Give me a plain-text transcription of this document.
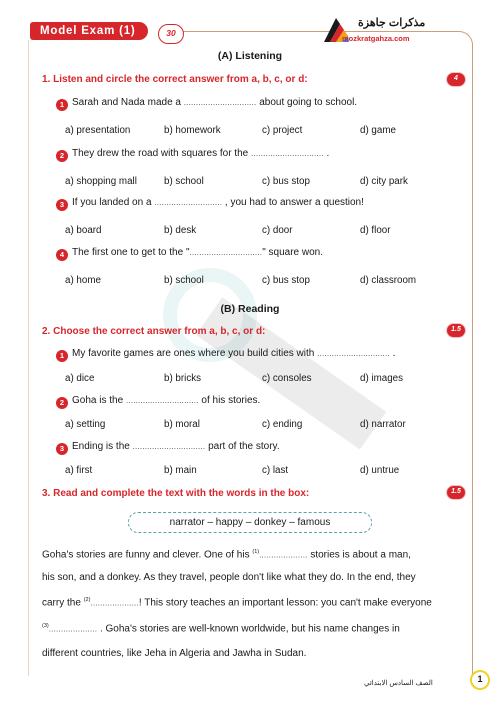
Model Exam (1)	30
مذكرات جاهزة
mozkratgahza.com
(A) Listening
1. Listen and circle the correct answer from a, b, c, or d:	4
1 Sarah and Nada made a .............................. about going to school.
a) presentation	b) homework	c) project	d) game
2 They drew the road with squares for the .............................. .
a) shopping mall	b) school	c) bus stop	d) city park
3 If you landed on a ............................ , you had to answer a question!
a) board	b) desk	c) door	d) floor
4 The first one to get to the ".............................." square won.
a) home	b) school	c) bus stop	d) classroom
(B) Reading
2. Choose the correct answer from a, b, c, or d:	1.5
1 My favorite games are ones where you build cities with .............................. .
a) dice	b) bricks	c) consoles	d) images
2 Goha is the .............................. of his stories.
a) setting	b) moral	c) ending	d) narrator
3 Ending is the .............................. part of the story.
a) first	b) main	c) last	d) untrue
3. Read and complete the text with the words in the box:	1.5
narrator – happy – donkey – famous
Goha's stories are funny and clever. One of his $^{(1)}$.................... stories is about a man,
his son, and a donkey. As they travel, people don't like what they do. In the end, they
carry the $^{(2)}$....................! This story teaches an important lesson: you can't make everyone
$^{(3)}$.................... . Goha's stories are well-known worldwide, but his name changes in
different countries, like Jeha in Algeria and Jawha in Sudan.
الصف السادس الابتدائي	1
